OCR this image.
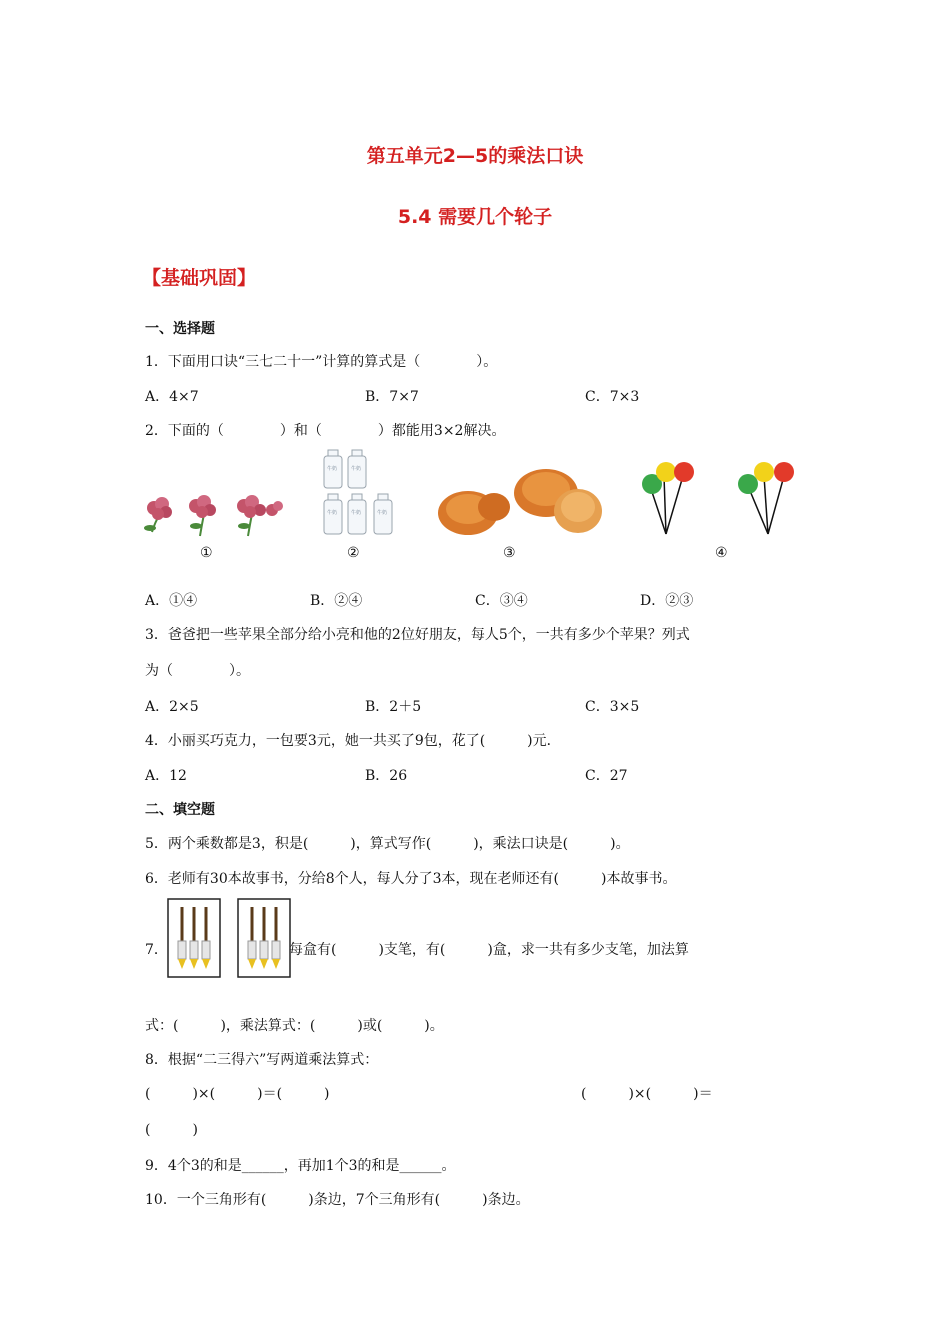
第五单元2—5的乘法口诀
5.4 需要几个轮子
【基础巩固】
一、选择题
1．下面用口诀“三七二十一”计算的算式是（　　　　）。
A．4×7	B．7×7	C．7×3
2．下面的（　　　　）和（　　　　）都能用3×2解决。
牛奶	牛奶
牛奶	牛奶	牛奶
①	②	③	④
A．①④	B．②④	C．③④	D．②③
3．爸爸把一些苹果全部分给小亮和他的2位好朋友，每人5个，一共有多少个苹果？列式
为（　　　　）。
A．2×5	B．2＋5	C．3×5
4．小丽买巧克力，一包要3元，她一共买了9包，花了(　　　)元．
A．12	B．26	C．27
二、填空题
5．两个乘数都是3，积是(　　　)，算式写作(　　　)，乘法口诀是(　　　)。
6．老师有30本故事书，分给8个人，每人分了3本，现在老师还有(　　　)本故事书。
7．	每盒有(　　　)支笔，有(　　　)盒，求一共有多少支笔，加法算
式：(　　　)，乘法算式：(　　　)或(　　　)。
8．根据“二三得六”写两道乘法算式：
(　　　)×(　　　)＝(　　　)	(　　　)×(　　　)＝
(　　　)
9．4个3的和是______，再加1个3的和是______。
10．一个三角形有(　　　)条边，7个三角形有(　　　)条边。
